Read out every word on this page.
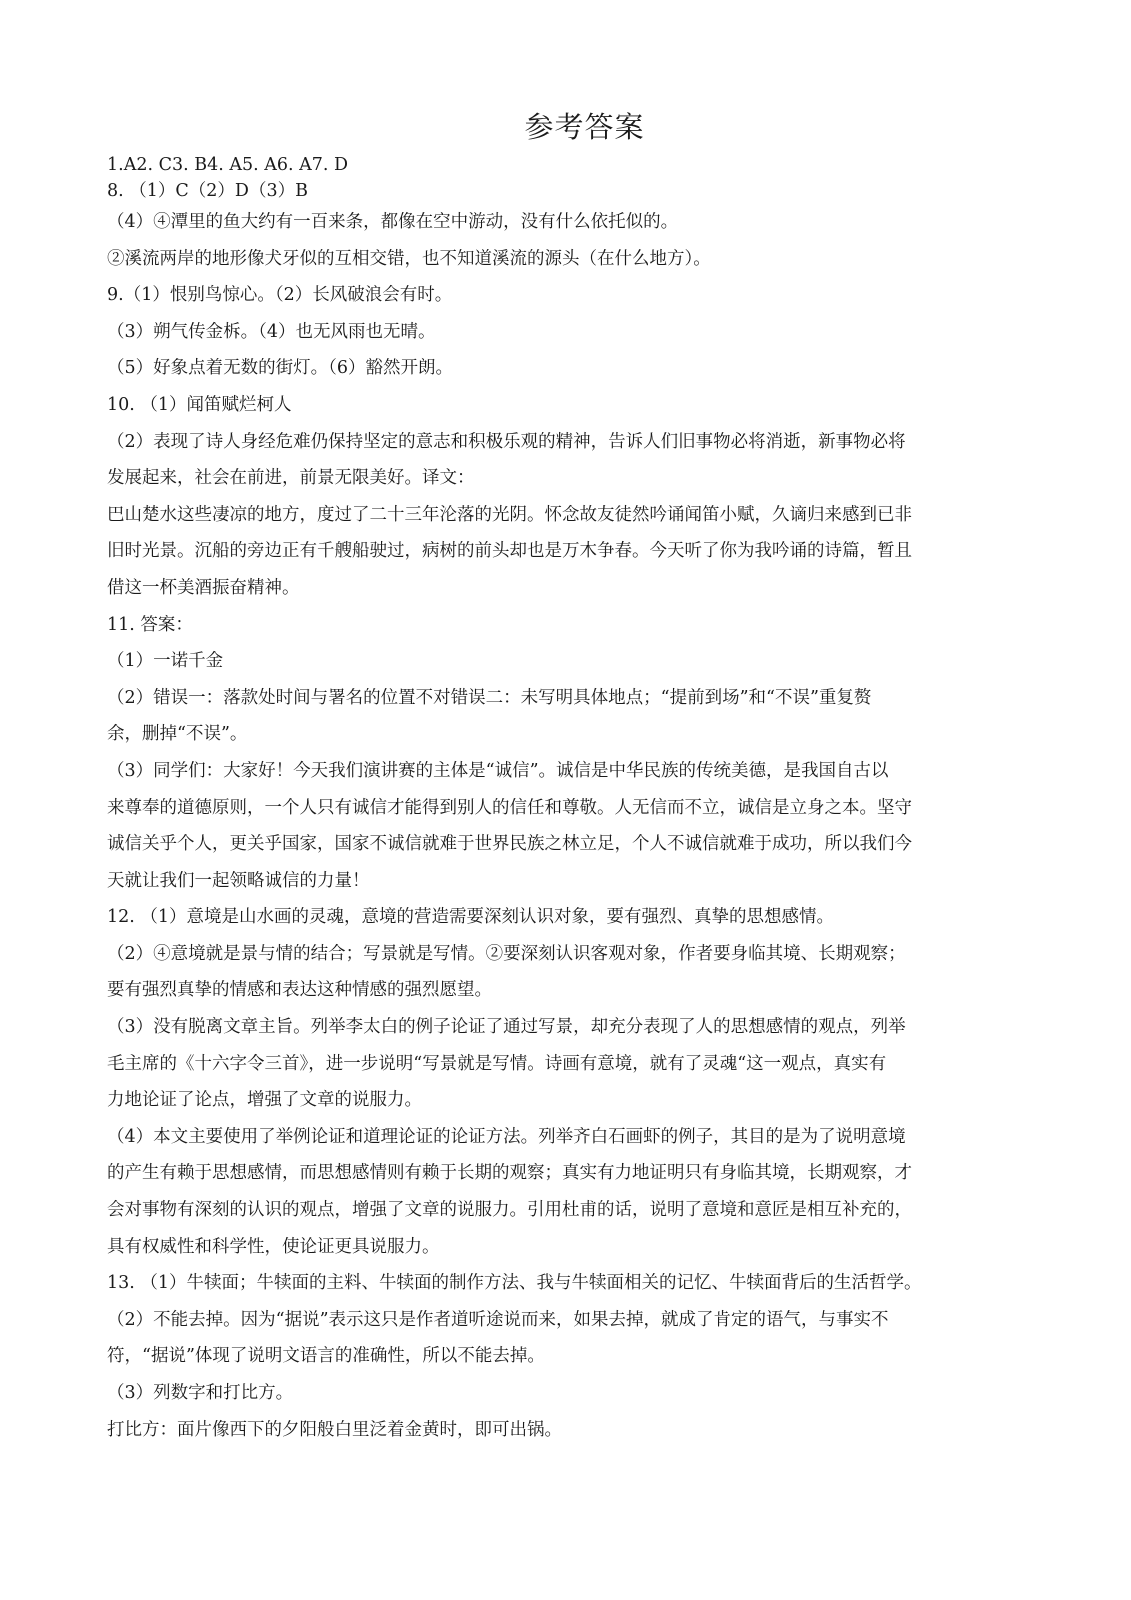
参考答案

1.A2. C3. B4. A5. A6. A7. D

8. （1）C（2）D（3）B

（4）④潭里的鱼大约有一百来条，都像在空中游动，没有什么依托似的。

②溪流两岸的地形像犬牙似的互相交错，也不知道溪流的源头（在什么地方）。

9.（1）恨别鸟惊心。（2）长风破浪会有时。

（3）朔气传金柝。（4）也无风雨也无晴。

（5）好象点着无数的街灯。（6）豁然开朗。

10. （1）闻笛赋烂柯人

（2）表现了诗人身经危难仍保持坚定的意志和积极乐观的精神，告诉人们旧事物必将消逝，新事物必将

发展起来，社会在前进，前景无限美好。译文：

巴山楚水这些凄凉的地方，度过了二十三年沦落的光阴。怀念故友徒然吟诵闻笛小赋，久谪归来感到已非

旧时光景。沉船的旁边正有千艘船驶过，病树的前头却也是万木争春。今天听了你为我吟诵的诗篇，暂且

借这一杯美酒振奋精神。

11. 答案：

（1）一诺千金

（2）错误一：落款处时间与署名的位置不对错误二：未写明具体地点；“提前到场”和“不误”重复赘

余，删掉“不误”。

（3）同学们：大家好！今天我们演讲赛的主体是“诚信”。诚信是中华民族的传统美德，是我国自古以

来尊奉的道德原则，一个人只有诚信才能得到别人的信任和尊敬。人无信而不立，诚信是立身之本。坚守

诚信关乎个人，更关乎国家，国家不诚信就难于世界民族之林立足，个人不诚信就难于成功，所以我们今

天就让我们一起领略诚信的力量！

12. （1）意境是山水画的灵魂，意境的营造需要深刻认识对象，要有强烈、真挚的思想感情。

（2）④意境就是景与情的结合；写景就是写情。②要深刻认识客观对象，作者要身临其境、长期观察；

要有强烈真挚的情感和表达这种情感的强烈愿望。

（3）没有脱离文章主旨。列举李太白的例子论证了通过写景，却充分表现了人的思想感情的观点，列举

毛主席的《十六字令三首》，进一步说明“写景就是写情。诗画有意境，就有了灵魂“这一观点，真实有

力地论证了论点，增强了文章的说服力。

（4）本文主要使用了举例论证和道理论证的论证方法。列举齐白石画虾的例子，其目的是为了说明意境

的产生有赖于思想感情，而思想感情则有赖于长期的观察；真实有力地证明只有身临其境，长期观察，才

会对事物有深刻的认识的观点，增强了文章的说服力。引用杜甫的话，说明了意境和意匠是相互补充的，

具有权威性和科学性，使论证更具说服力。

13. （1）牛犊面；牛犊面的主料、牛犊面的制作方法、我与牛犊面相关的记忆、牛犊面背后的生活哲学。

（2）不能去掉。因为“据说”表示这只是作者道听途说而来，如果去掉，就成了肯定的语气，与事实不

符，“据说”体现了说明文语言的准确性，所以不能去掉。

（3）列数字和打比方。

打比方：面片像西下的夕阳般白里泛着金黄时，即可出锅。
